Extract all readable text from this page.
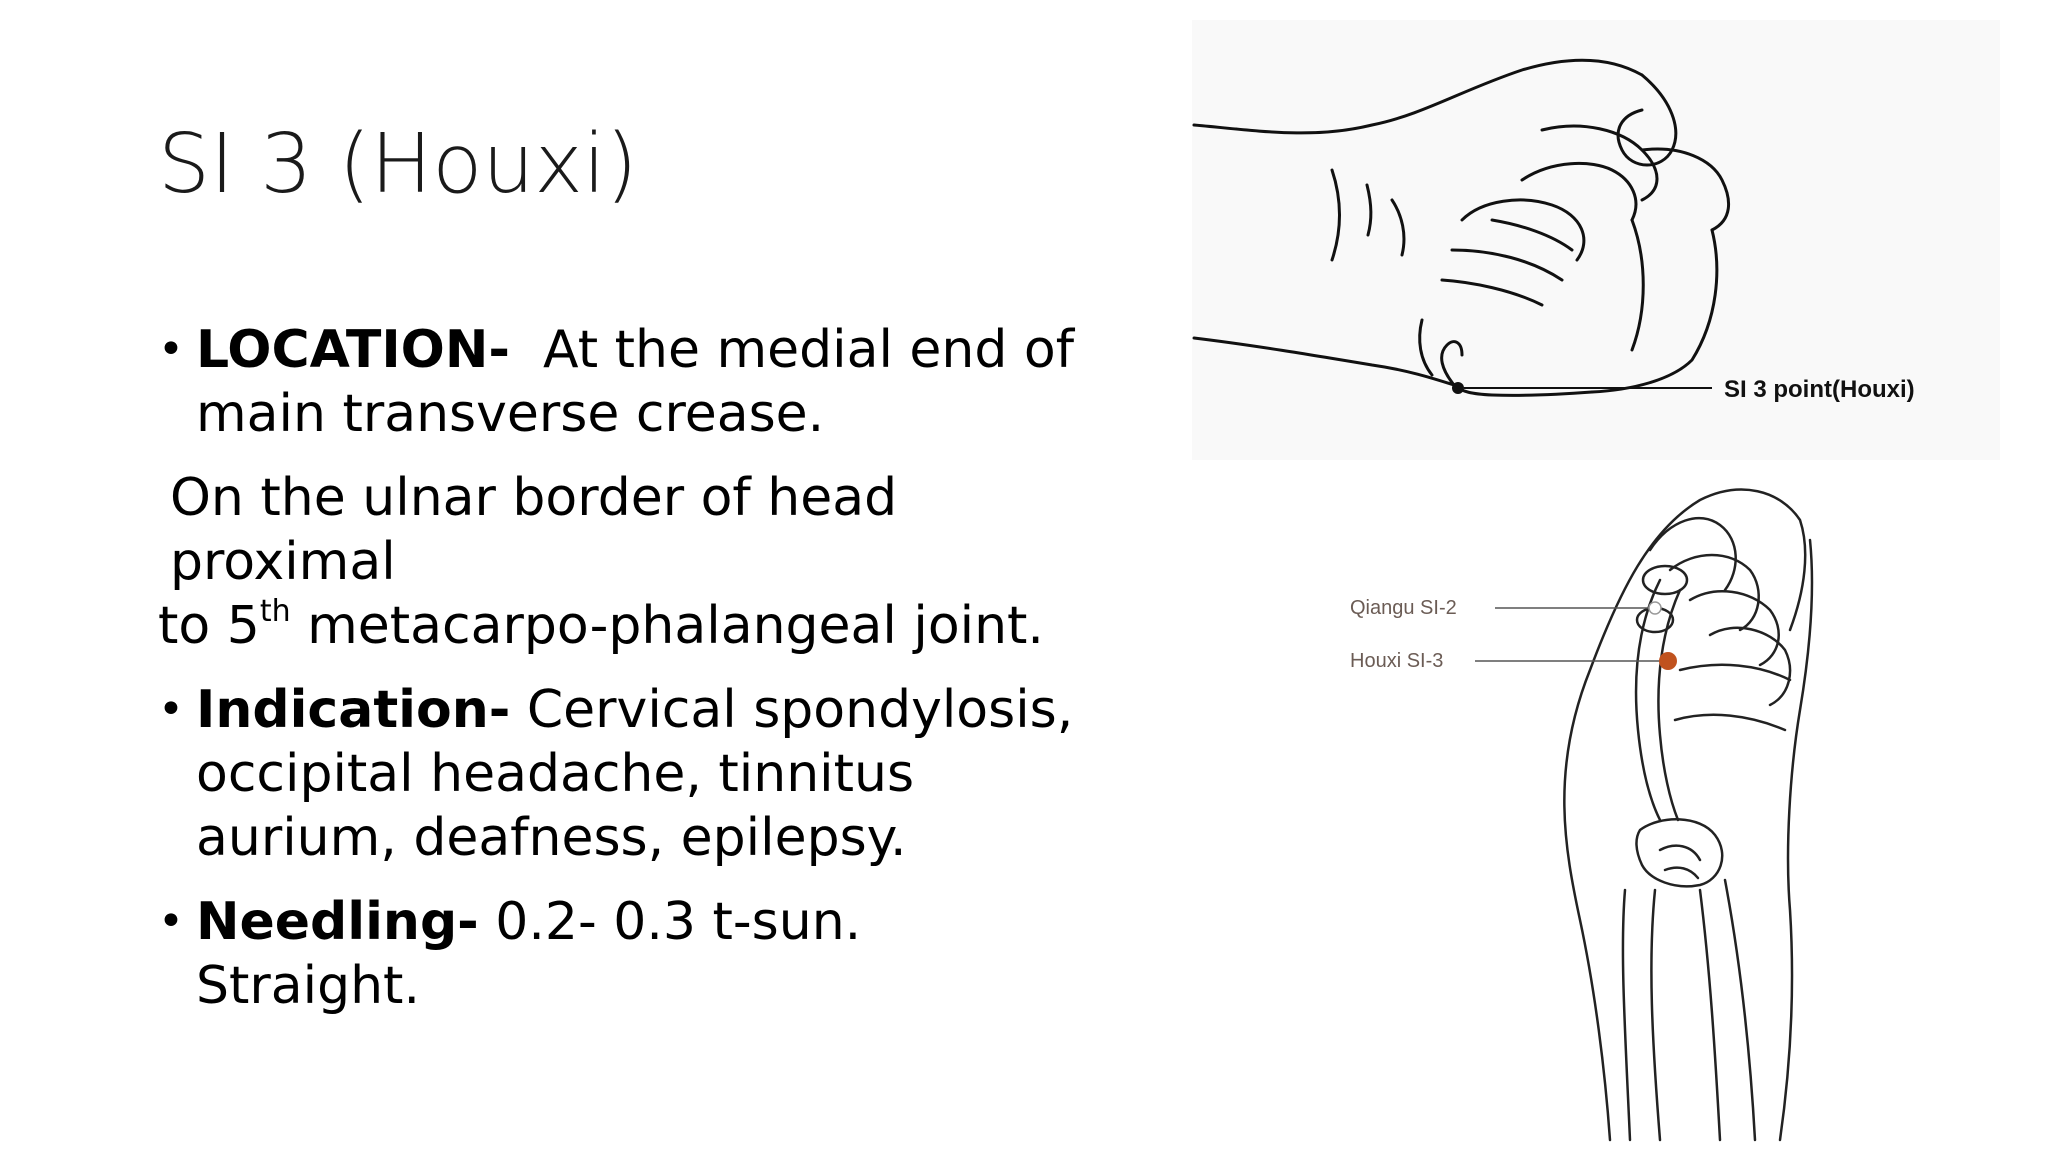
SI 3 (Houxi)
• LOCATION- At the medial end of main transverse crease.
On the ulnar border of head proximal
to 5th metacarpo-phalangeal joint.
• Indication- Cervical spondylosis, occipital headache, tinnitus aurium, deafness, epilepsy.
• Needling- 0.2- 0.3 t-sun. Straight.
SI 3 point(Houxi)
Qiangu SI-2
Houxi SI-3
